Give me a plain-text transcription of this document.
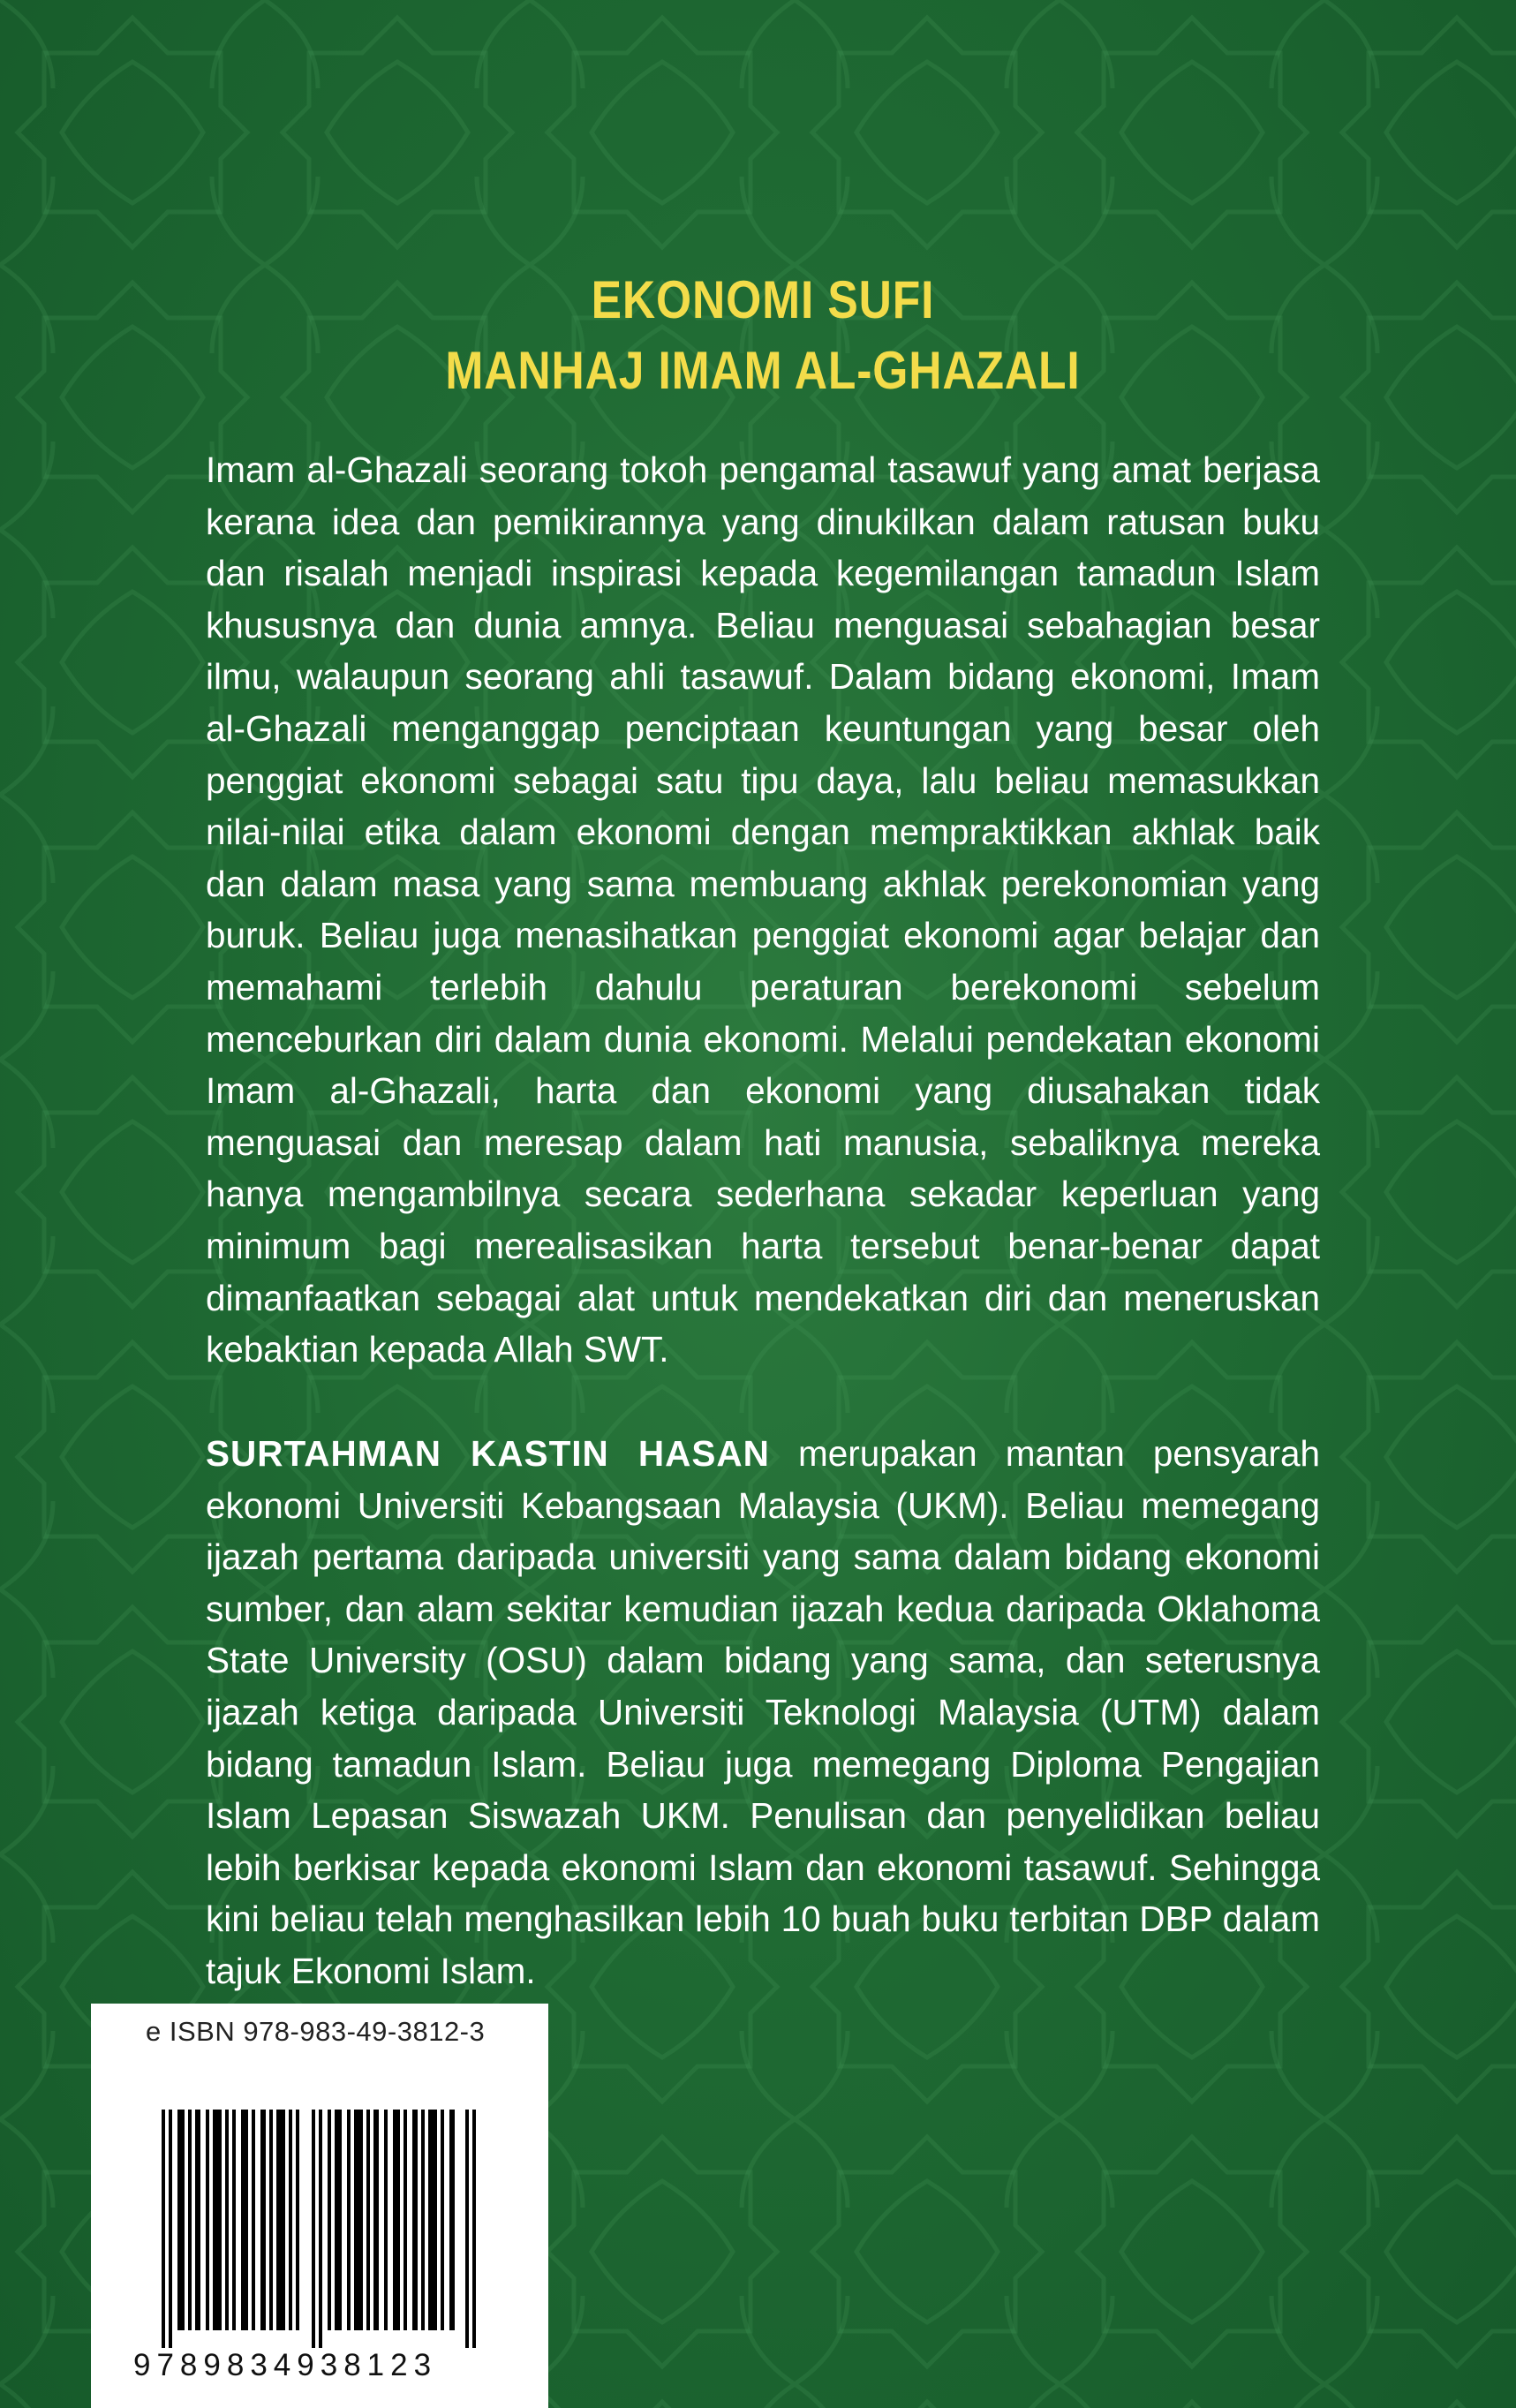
EKONOMI SUFI
MANHAJ IMAM AL-GHAZALI

Imam al-Ghazali seorang tokoh pengamal tasawuf yang amat berjasa kerana idea dan pemikirannya yang dinukilkan dalam ratusan buku dan risalah menjadi inspirasi kepada kegemilangan tamadun Islam khususnya dan dunia amnya. Beliau menguasai sebahagian besar ilmu, walaupun seorang ahli tasawuf. Dalam bidang ekonomi, Imam al-Ghazali menganggap penciptaan keuntungan yang besar oleh penggiat ekonomi sebagai satu tipu daya, lalu beliau memasukkan nilai-nilai etika dalam ekonomi dengan mempraktikkan akhlak baik dan dalam masa yang sama membuang akhlak perekonomian yang buruk. Beliau juga menasihatkan penggiat ekonomi agar belajar dan memahami terlebih dahulu peraturan berekonomi sebelum menceburkan diri dalam dunia ekonomi. Melalui pendekatan ekonomi Imam al-Ghazali, harta dan ekonomi yang diusahakan tidak menguasai dan meresap dalam hati manusia, sebaliknya mereka hanya mengambilnya secara sederhana sekadar keperluan yang minimum bagi merealisasikan harta tersebut benar-benar dapat dimanfaatkan sebagai alat untuk mendekatkan diri dan meneruskan kebaktian kepada Allah SWT.

SURTAHMAN KASTIN HASAN merupakan mantan pensyarah ekonomi Universiti Kebangsaan Malaysia (UKM). Beliau memegang ijazah pertama daripada universiti yang sama dalam bidang ekonomi sumber, dan alam sekitar kemudian ijazah kedua daripada Oklahoma State University (OSU) dalam bidang yang sama, dan seterusnya ijazah ketiga daripada Universiti Teknologi Malaysia (UTM) dalam bidang tamadun Islam. Beliau juga memegang Diploma Pengajian Islam Lepasan Siswazah UKM. Penulisan dan penyelidikan beliau lebih berkisar kepada ekonomi Islam dan ekonomi tasawuf. Sehingga kini beliau telah menghasilkan lebih 10 buah buku terbitan DBP dalam tajuk Ekonomi Islam.

e ISBN 978-983-49-3812-3
9789834938123
